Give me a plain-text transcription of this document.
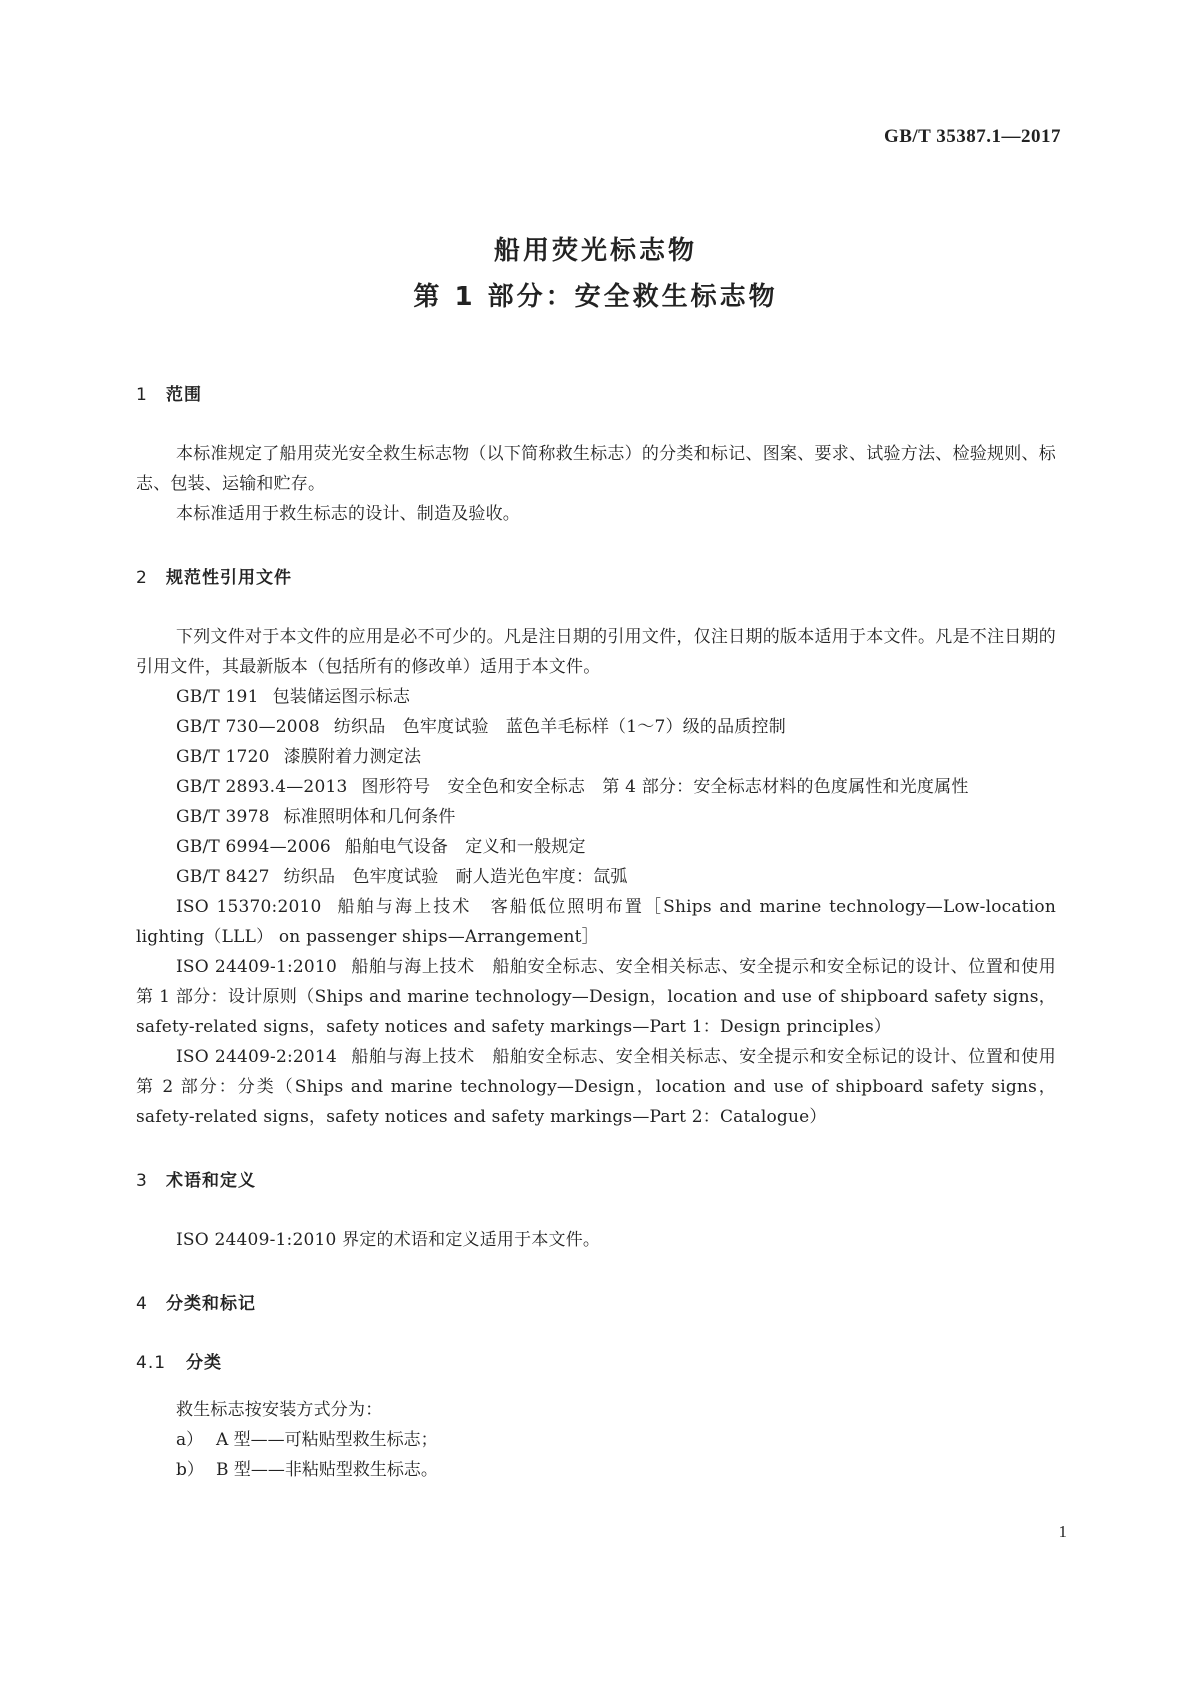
GB/T 35387.1—2017
船用荧光标志物
第 1 部分：安全救生标志物
1 范围
本标准规定了船用荧光安全救生标志物（以下简称救生标志）的分类和标记、图案、要求、试验方法、检验规则、标志、包装、运输和贮存。
本标准适用于救生标志的设计、制造及验收。
2 规范性引用文件
下列文件对于本文件的应用是必不可少的。凡是注日期的引用文件，仅注日期的版本适用于本文件。凡是不注日期的引用文件，其最新版本（包括所有的修改单）适用于本文件。
GB/T 191 包装储运图示标志
GB/T 730—2008 纺织品　色牢度试验　蓝色羊毛标样（1～7）级的品质控制
GB/T 1720 漆膜附着力测定法
GB/T 2893.4—2013 图形符号　安全色和安全标志　第 4 部分：安全标志材料的色度属性和光度属性
GB/T 3978 标准照明体和几何条件
GB/T 6994—2006 船舶电气设备　定义和一般规定
GB/T 8427 纺织品　色牢度试验　耐人造光色牢度：氙弧
ISO 15370:2010 船舶与海上技术　客船低位照明布置［Ships and marine technology—Low-location lighting（LLL） on passenger ships—Arrangement］
ISO 24409-1:2010 船舶与海上技术　船舶安全标志、安全相关标志、安全提示和安全标记的设计、位置和使用　第 1 部分：设计原则（Ships and marine technology—Design，location and use of shipboard safety signs，safety-related signs，safety notices and safety markings—Part 1：Design principles）
ISO 24409-2:2014 船舶与海上技术　船舶安全标志、安全相关标志、安全提示和安全标记的设计、位置和使用　第 2 部分：分类（Ships and marine technology—Design，location and use of shipboard safety signs，safety-related signs，safety notices and safety markings—Part 2：Catalogue）
3 术语和定义
ISO 24409-1:2010 界定的术语和定义适用于本文件。
4 分类和标记
4.1 分类
救生标志按安装方式分为：
a） A 型——可粘贴型救生标志；
b） B 型——非粘贴型救生标志。
1
